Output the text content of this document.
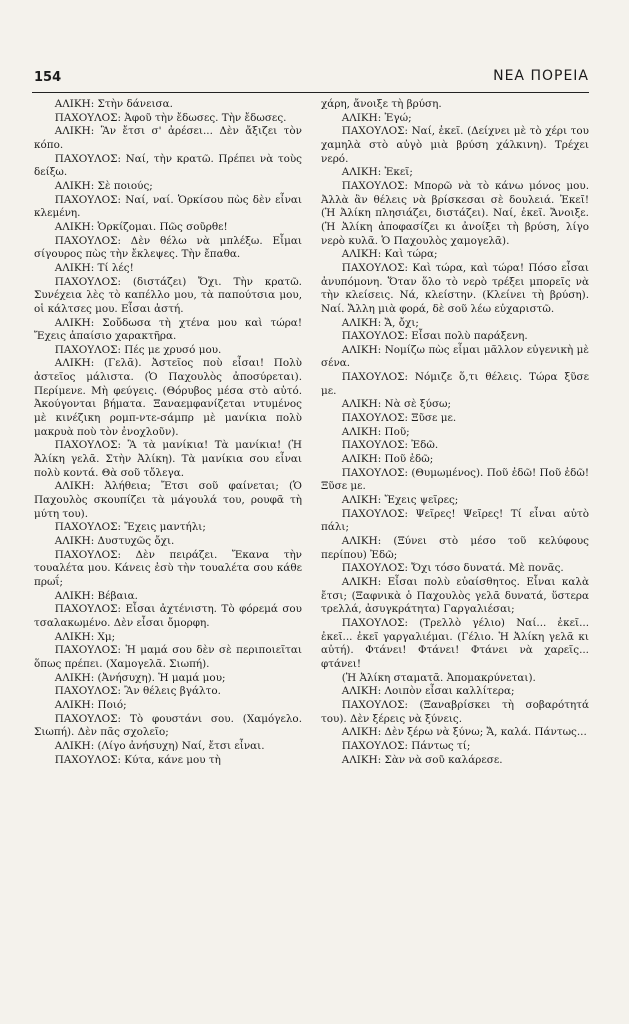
154	ΝΕΑ ΠΟΡΕΙΑ

ΑΛΙΚΗ: Στὴν δάνεισα.

ΠΑΧΟΥΛΟΣ: Ἀφοῦ τὴν ἔδωσες. Τὴν ἔδωσες.

ΑΛΙΚΗ: Ἂν ἔτσι σ' ἀρέσει... Δὲν ἄξιζει τὸν κόπο.

ΠΑΧΟΥΛΟΣ: Ναί, τὴν κρατῶ. Πρέπει νὰ τοὺς δείξω.

ΑΛΙΚΗ: Σὲ ποιούς;

ΠΑΧΟΥΛΟΣ: Ναί, ναί. Ὁρκίσου πὼς δὲν εἶναι κλεμένη.

ΑΛΙΚΗ: Ὁρκίζομαι. Πῶς σοῦρθε!

ΠΑΧΟΥΛΟΣ: Δὲν θέλω νὰ μπλέξω. Εἶμαι σίγουρος πὼς τὴν ἔκλεψες. Τὴν ἔπαθα.

ΑΛΙΚΗ: Τί λές!

ΠΑΧΟΥΛΟΣ: (διστάζει) Ὄχι. Τὴν κρατῶ. Συνέχεια λὲς τὸ καπέλλο μου, τὰ παπούτσια μου, οἱ κάλτσες μου. Εἶσαι ἀστή.

ΑΛΙΚΗ: Σοὔδωσα τὴ χτένα μου καὶ τώρα! Ἔχεις ἀπαίσιο χαρακτῆρα.

ΠΑΧΟΥΛΟΣ: Πές με χρυσό μου.

ΑΛΙΚΗ: (Γελᾶ). Ἀστεῖος ποὺ εἶσαι! Πολὺ ἀστεῖος μάλιστα. (Ὁ Παχουλὸς ἀποσύρεται). Περίμενε. Μὴ φεύγεις. (Θόρυβος μέσα στὸ αὐτό. Ἀκούγονται βήματα. Ξαναεμφανίζεται ντυμένος μὲ κινέζικη ρομπ-ντε-σάμπρ μὲ μανίκια πολὺ μακρυὰ ποὺ τὸν ἐνοχλοῦν).

ΠΑΧΟΥΛΟΣ: Ἂ τὰ μανίκια! Τὰ μανίκια! (Ἡ Ἀλίκη γελᾶ. Στὴν Ἀλίκη). Τὰ μανίκια σου εἶναι πολὺ κοντά. Θὰ σοῦ τὄλεγα.

ΑΛΙΚΗ: Ἀλήθεια; Ἔτσι σοῦ φαίνεται; (Ὁ Παχουλὸς σκουπίζει τὰ μάγουλά του, ρουφᾶ τὴ μύτη του).

ΠΑΧΟΥΛΟΣ: Ἔχεις μαντήλι;

ΑΛΙΚΗ: Δυστυχῶς ὄχι.

ΠΑΧΟΥΛΟΣ: Δὲν πειράζει. Ἔκανα τὴν τουαλέτα μου. Κάνεις ἐσὺ τὴν τουαλέτα σου κάθε πρωΐ;

ΑΛΙΚΗ: Βέβαια.

ΠΑΧΟΥΛΟΣ: Εἶσαι ἀχτένιστη. Τὸ φόρεμά σου τσαλακωμένο. Δὲν εἶσαι ὄμορφη.

ΑΛΙΚΗ: Χμ;

ΠΑΧΟΥΛΟΣ: Ἡ μαμά σου δὲν σὲ περιποιεῖται ὅπως πρέπει. (Χαμογελᾶ. Σιωπή).

ΑΛΙΚΗ: (Ἀνήσυχη). Ἡ μαμά μου;

ΠΑΧΟΥΛΟΣ: Ἂν θέλεις βγάλτο.

ΑΛΙΚΗ: Ποιό;

ΠΑΧΟΥΛΟΣ: Τὸ φουστάνι σου. (Χαμόγελο. Σιωπή). Δὲν πᾶς σχολεῖο;

ΑΛΙΚΗ: (Λίγο ἀνήσυχη) Ναί, ἔτσι εἶναι.

ΠΑΧΟΥΛΟΣ: Κύτα, κάνε μου τὴ

χάρη, ἄνοιξε τὴ βρύση.

ΑΛΙΚΗ: Ἐγώ;

ΠΑΧΟΥΛΟΣ: Ναί, ἐκεῖ. (Δείχνει μὲ τὸ χέρι του χαμηλὰ στὸ αὐγὸ μιὰ βρύση χάλκινη). Τρέχει νερό.

ΑΛΙΚΗ: Ἐκεῖ;

ΠΑΧΟΥΛΟΣ: Μπορῶ νὰ τὸ κάνω μόνος μου. Ἀλλὰ ἂν θέλεις νὰ βρίσκεσαι σὲ δουλειά. Ἐκεῖ! (Ἡ Ἀλίκη πλησιάζει, διστάζει). Ναί, ἐκεῖ. Ἄνοιξε. (Ἡ Ἀλίκη ἀποφασίζει κι ἀνοίξει τὴ βρύση, λίγο νερὸ κυλᾶ. Ὁ Παχουλὸς χαμογελᾶ).

ΑΛΙΚΗ: Καὶ τώρα;

ΠΑΧΟΥΛΟΣ: Καὶ τώρα, καὶ τώρα! Πόσο εἶσαι ἀνυπόμονη. Ὅταν ὅλο τὸ νερὸ τρέξει μπορεῖς νὰ τὴν κλείσεις. Νά, κλείστην. (Κλείνει τὴ βρύση). Ναί. Ἄλλη μιὰ φορά, δὲ σοῦ λέω εὐχαριστῶ.

ΑΛΙΚΗ: Ἄ, ὄχι;

ΠΑΧΟΥΛΟΣ: Εἶσαι πολὺ παράξενη.

ΑΛΙΚΗ: Νομίζω πὼς εἶμαι μᾶλλον εὐγενικὴ μὲ σένα.

ΠΑΧΟΥΛΟΣ: Νόμιζε ὅ,τι θέλεις. Τώρα ξῦσε με.

ΑΛΙΚΗ: Νὰ σὲ ξύσω;

ΠΑΧΟΥΛΟΣ: Ξῦσε με.

ΑΛΙΚΗ: Ποῦ;

ΠΑΧΟΥΛΟΣ: Ἐδῶ.

ΑΛΙΚΗ: Ποῦ ἐδῶ;

ΠΑΧΟΥΛΟΣ: (Θυμωμένος). Ποῦ ἐδῶ! Ποῦ ἐδῶ! Ξῦσε με.

ΑΛΙΚΗ: Ἔχεις ψεῖρες;

ΠΑΧΟΥΛΟΣ: Ψεῖρες! Ψεῖρες! Τί εἶναι αὐτὸ πάλι;

ΑΛΙΚΗ: (Ξύνει στὸ μέσο τοῦ κελύφους περίπου) Ἐδῶ;

ΠΑΧΟΥΛΟΣ: Ὄχι τόσο δυνατά. Μὲ πονᾶς.

ΑΛΙΚΗ: Εἶσαι πολὺ εὐαίσθητος. Εἶναι καλὰ ἔτσι; (Ξαφνικὰ ὁ Παχουλὸς γελᾶ δυνατά, ὕστερα τρελλά, ἀσυγκράτητα) Γαργαλιέσαι;

ΠΑΧΟΥΛΟΣ: (Τρελλὸ γέλιο) Ναί... ἐκεῖ... ἐκεῖ... ἐκεῖ γαργαλιέμαι. (Γέλιο. Ἡ Ἀλίκη γελᾶ κι αὐτή). Φτάνει! Φτάνει! Φτάνει νὰ χαρεῖς... φτάνει!

(Ἡ Ἀλίκη σταματᾶ. Ἀπομακρύνεται).

ΑΛΙΚΗ: Λοιπὸν εἶσαι καλλίτερα;

ΠΑΧΟΥΛΟΣ: (Ξαναβρίσκει τὴ σοβαρότητά του). Δὲν ξέρεις νὰ ξύνεις.

ΑΛΙΚΗ: Δὲν ξέρω νὰ ξύνω; Ἄ, καλά. Πάντως...

ΠΑΧΟΥΛΟΣ: Πάντως τί;

ΑΛΙΚΗ: Σὰν νὰ σοῦ καλάρεσε.
